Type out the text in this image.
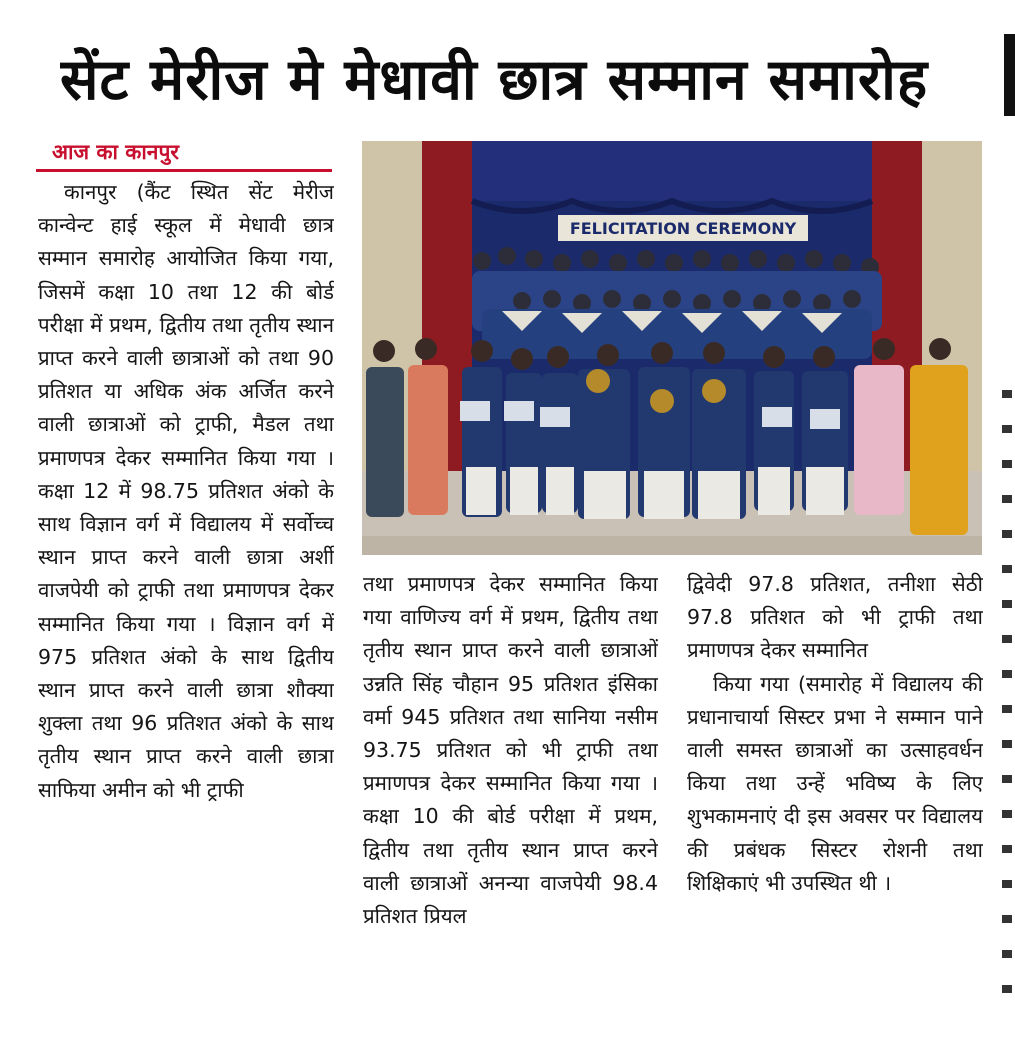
सेंट मेरीज मे मेधावी छात्र सम्मान समारोह
आज का कानपुर

कानपुर (कैंट स्थित सेंट मेरीज कान्वेन्ट हाई स्कूल में मेधावी छात्र सम्मान समारोह आयोजित किया गया, जिसमें कक्षा 10 तथा 12 की बोर्ड परीक्षा में प्रथम, द्वितीय तथा तृतीय स्थान प्राप्त करने वाली छात्राओं को तथा 90 प्रतिशत या अधिक अंक अर्जित करने वाली छात्राओं को ट्राफी, मैडल तथा प्रमाणपत्र देकर सम्मानित किया गया । कक्षा 12 में 98.75 प्रतिशत अंको के साथ विज्ञान वर्ग में विद्यालय में सर्वोच्च स्थान प्राप्त करने वाली छात्रा अर्शी वाजपेयी को ट्राफी तथा प्रमाणपत्र देकर सम्मानित किया गया । विज्ञान वर्ग में 975 प्रतिशत अंको के साथ द्वितीय स्थान प्राप्त करने वाली छात्रा शौक्या शुक्ला तथा 96 प्रतिशत अंको के साथ तृतीय स्थान प्राप्त करने वाली छात्रा साफिया अमीन को भी ट्राफी

FELICITATION CEREMONY

तथा प्रमाणपत्र देकर सम्मानित किया गया वाणिज्य वर्ग में प्रथम, द्वितीय तथा तृतीय स्थान प्राप्त करने वाली छात्राओं उन्नति सिंह चौहान 95 प्रतिशत इंसिका वर्मा 945 प्रतिशत तथा सानिया नसीम 93.75 प्रतिशत को भी ट्राफी तथा प्रमाणपत्र देकर सम्मानित किया गया । कक्षा 10 की बोर्ड परीक्षा में प्रथम, द्वितीय तथा तृतीय स्थान प्राप्त करने वाली छात्राओं अनन्या वाजपेयी 98.4 प्रतिशत प्रियल

द्विवेदी 97.8 प्रतिशत, तनीशा सेठी 97.8 प्रतिशत को भी ट्राफी तथा प्रमाणपत्र देकर सम्मानित

किया गया (समारोह में विद्यालय की प्रधानाचार्या सिस्टर प्रभा ने सम्मान पाने वाली समस्त छात्राओं का उत्साहवर्धन किया तथा उन्हें भविष्य के लिए शुभकामनाएं दी इस अवसर पर विद्यालय की प्रबंधक सिस्टर रोशनी तथा शिक्षिकाएं भी उपस्थित थी ।
